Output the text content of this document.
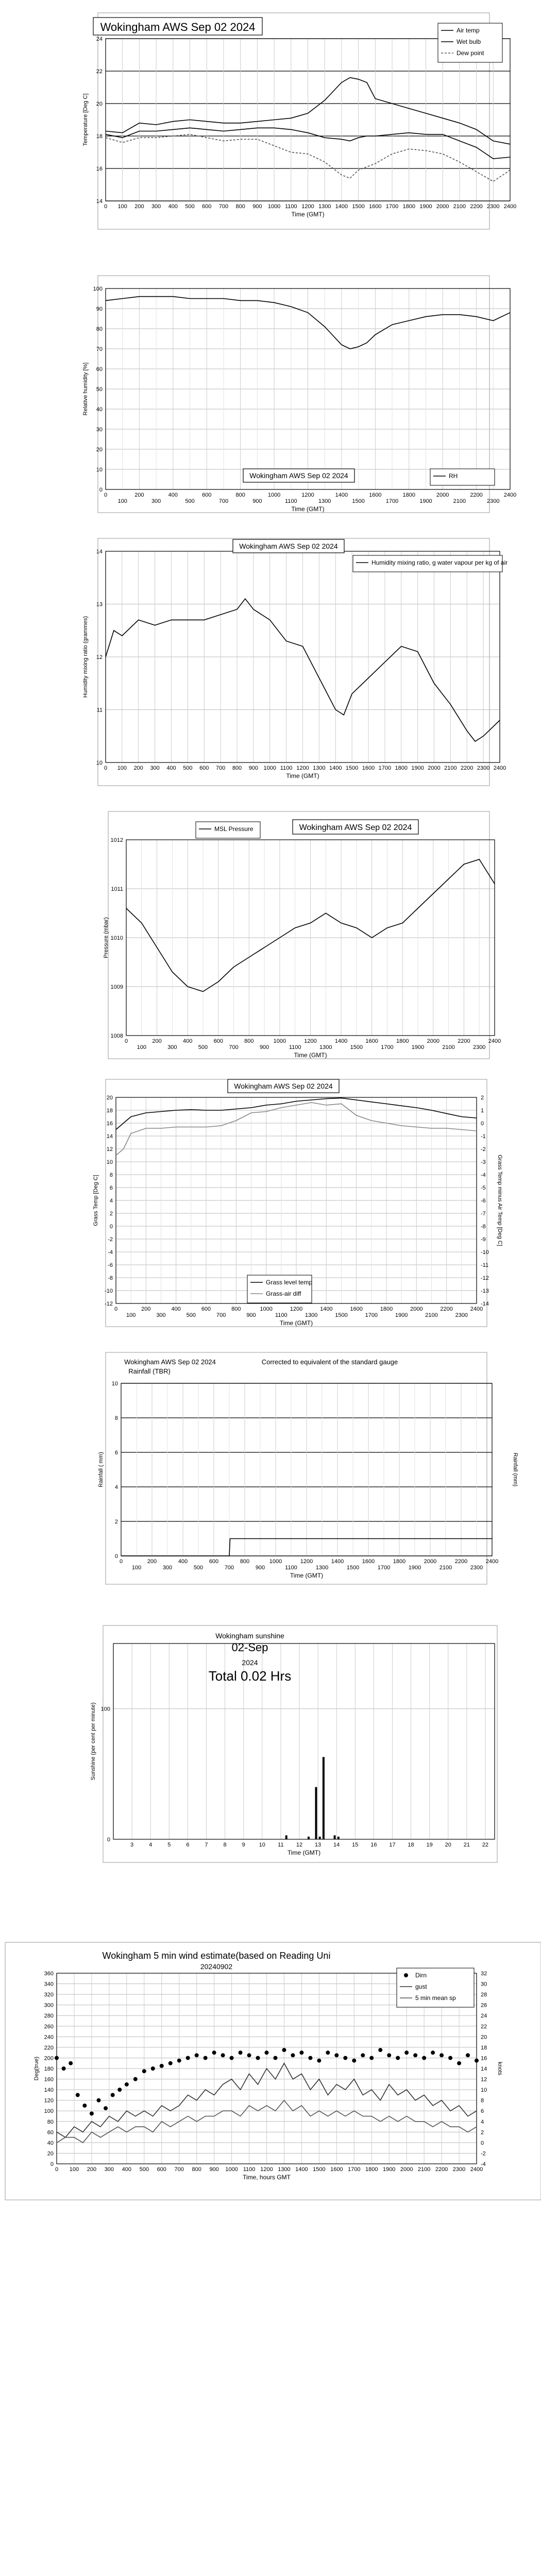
14
16
18
20
22
24
0 100 200 300 400 500 600 700 800 900 1000 1100 1200 1300 1400 1500 1600 1700 1800 1900 2000 2100 2200 2300 2400
Time (GMT)
Temperature [Deg C]
Wokingham AWS Sep 02 2024	Air temp
Wet bulb
Dew point
0
10
20
30
40
50
60
70
80
90
100
0	200	400	600	800	1000	1200	1400	1600	1800	2000	2200	2400
100	300	500	700	900	1100	1300	1500	1700	1900	2100	2300
Time (GMT)
Relative humidity [%]
Wokingham AWS Sep 02 2024	RH
10
11
12
13
14
0 100 200 300 400 500 600 700 800 900 1000 1100 1200 1300 1400 1500 1600 1700 1800 1900 2000 2100 2200 2300 2400
Time (GMT)
Humidity mixing ratio (grammes)
Wokingham AWS Sep 02 2024
Humidity mixing ratio, g water vapour per kg of air
1008
1009
1010
1011
1012
0	200	400	600	800	1000	1200	1400	1600	1800	2000	2200	2400
100	300	500	700	900	1100	1300	1500	1700	1900	2100	2300
Time (GMT)
Pressure (mbar)
Wokingham AWS Sep 02 2024
MSL Pressure
-12
-10
-8
-6
-4
-2
0
2
4
6
8
10
12
14
16
18
20
0	200	400	600	800	1000	1200	1400	1600	1800	2000	2200	2400
100	300	500	700	900	1100	1300	1500	1700	1900	2100	2300
-14
-13
-12
-11
-10
-9
-8
-7
-6
-5
-4
-3
-2
-1
0
1
2
Time (GMT)
Grass Temp [Deg C]	Grass Temp minus Air Temp [Deg C]
Wokingham AWS Sep 02 2024
Grass level temp
Grass-air diff
0
2
4
6
8
10
0	200	400	600	800	1000	1200	1400	1600	1800	2000	2200	2400
100	300	500	700	900	1100	1300	1500	1700	1900	2100	2300
Time (GMT)
Rainfall ( mm)	Rainfall (mm)
Wokingham AWS Sep 02 2024
Rainfall (TBR)
Corrected to equivalent of the standard gauge
0
100
3	4	5	6	7	8	9 10 11 12 13 14 15 16 17 18 19 20 21 22
Time (GMT)
Sunshine (per cent per minute)
Wokingham sunshine
02-Sep
2024
Total 0.02 Hrs
0
20
40
60
80
100
120
140
160
180
200
220
240
260
280
300
320
340
360
0 100 200 300 400 500 600 700 800 900 1000 1100 1200 1300 1400 1500 1600 1700 1800 1900 2000 2100 2200 2300 2400
-4
-2
0
2
4
6
8
10
12
14
16
18
20
22
24
26
28
30
32
Time, hours GMT
Deg(true)	knots
Wokingham 5 min wind estimate(based on Reading Uni
20240902
Dirn
gust
5 min mean sp
